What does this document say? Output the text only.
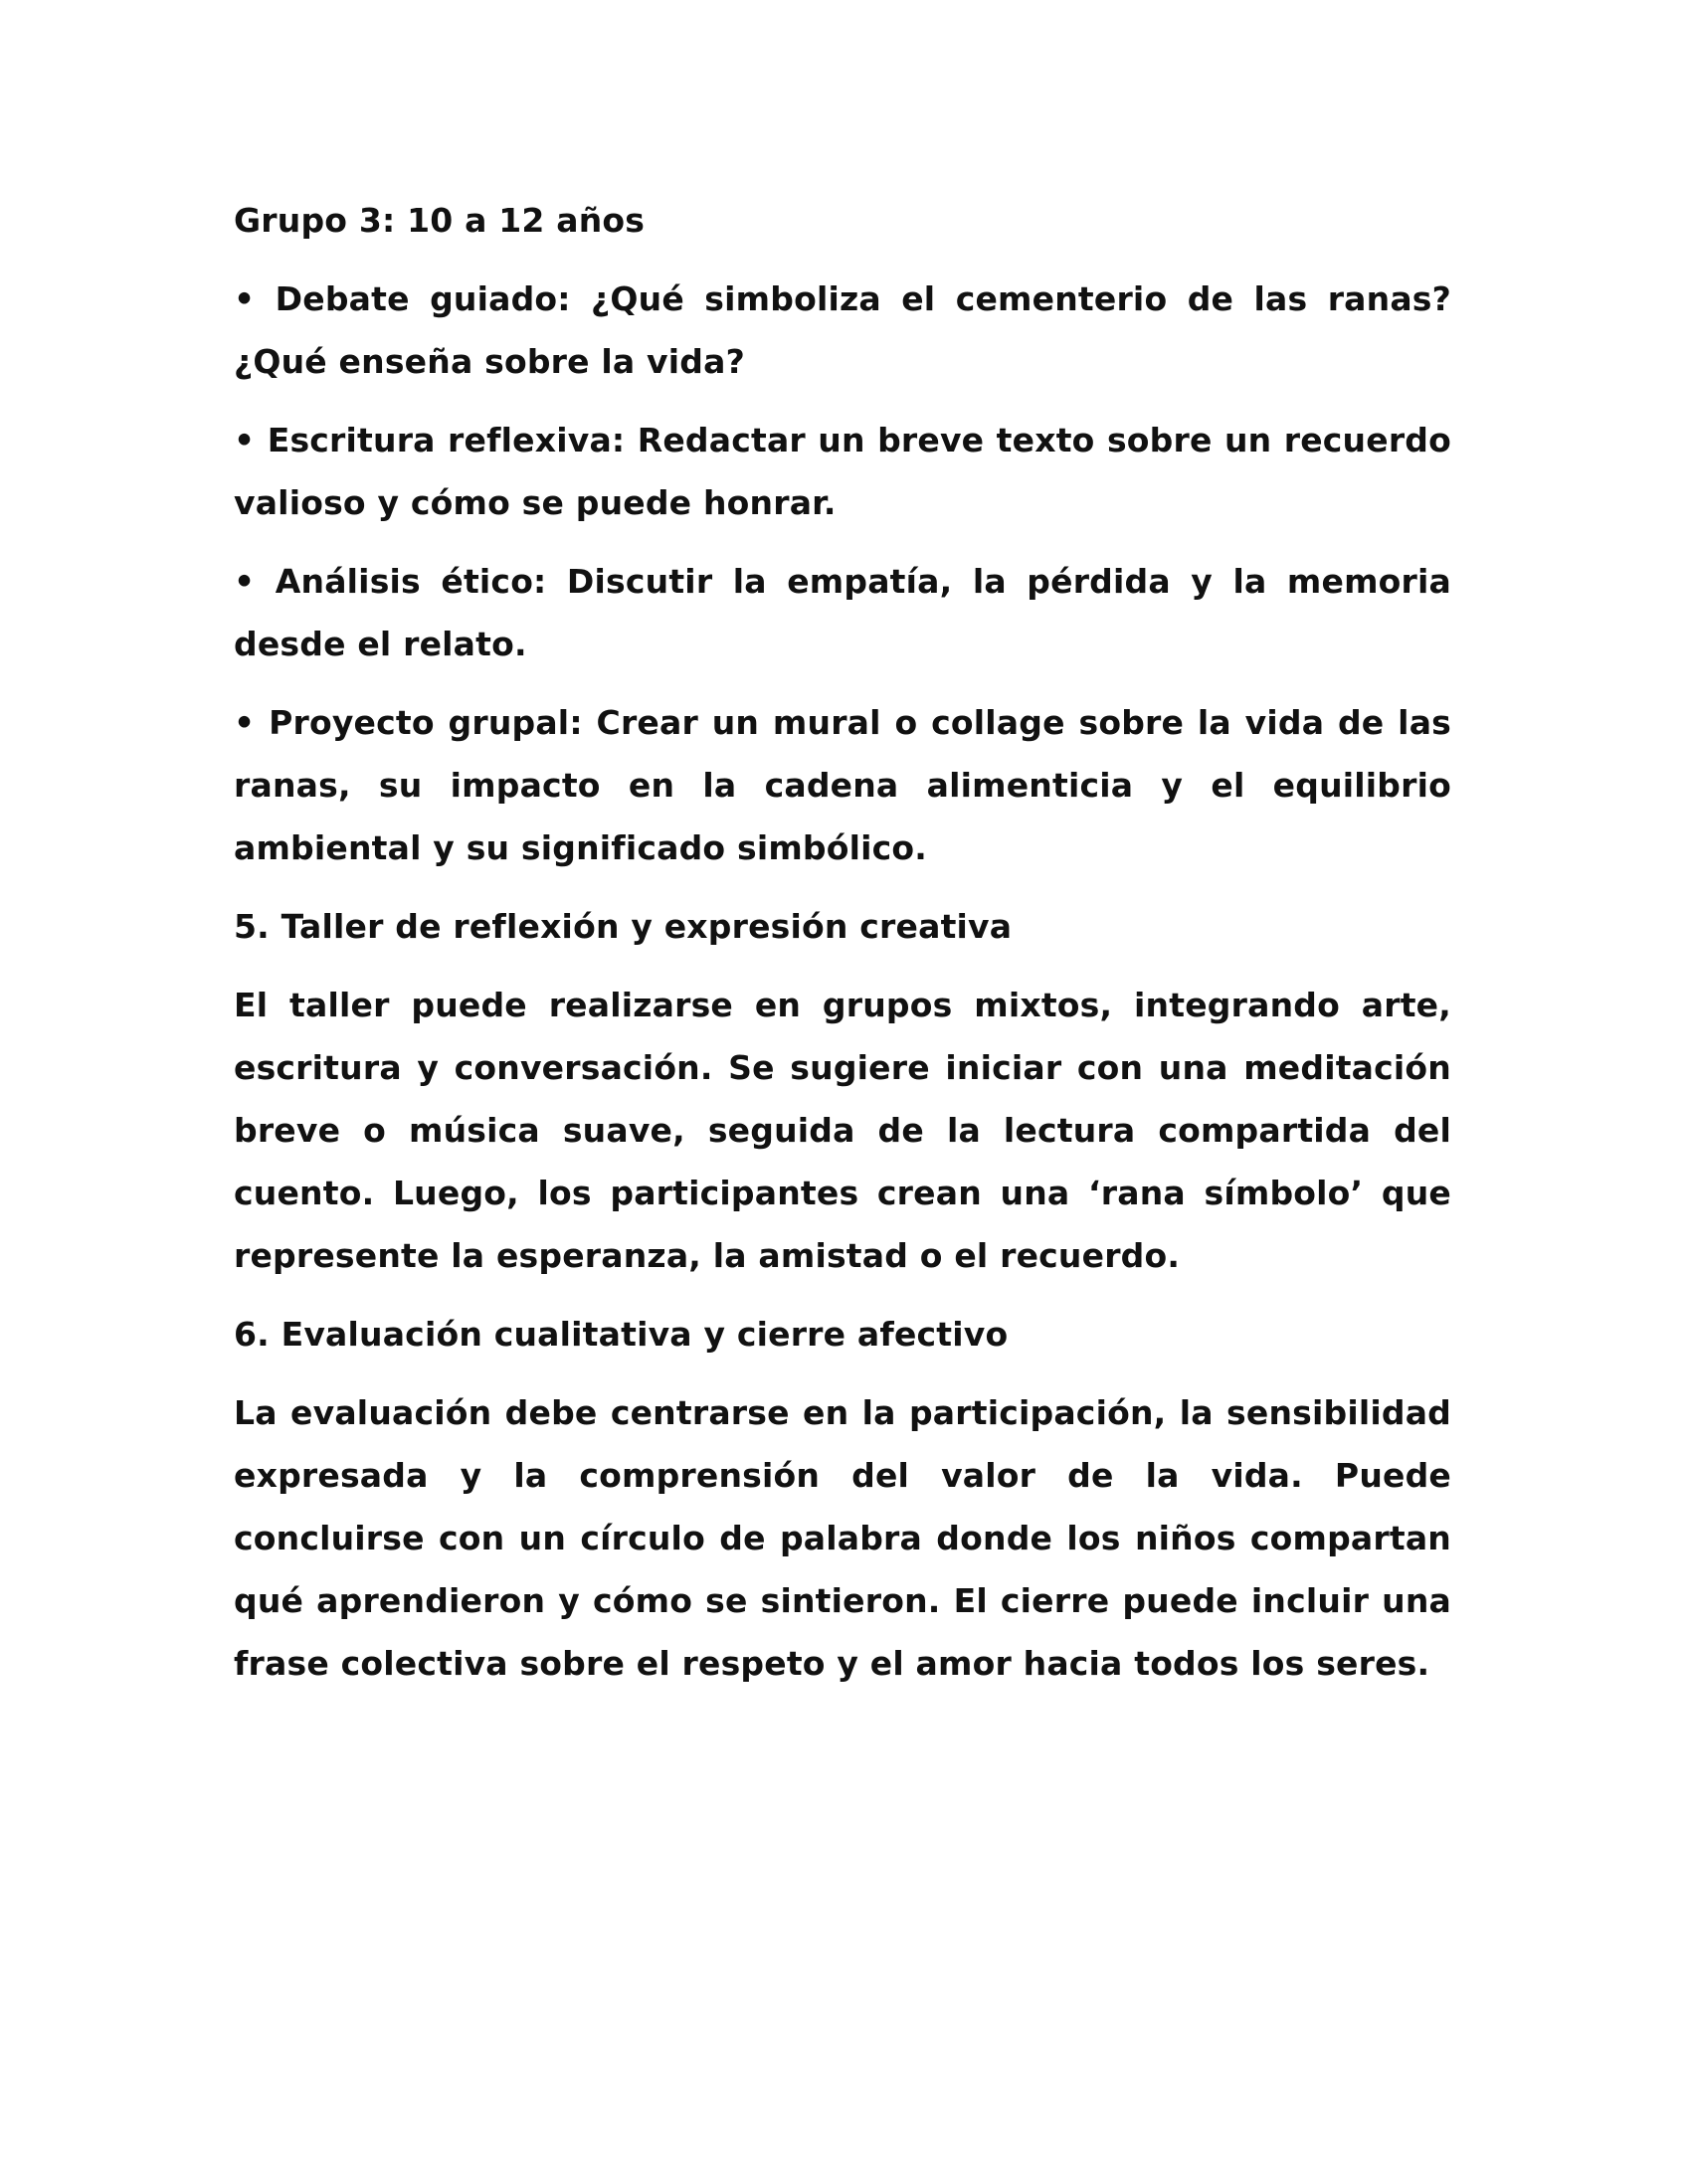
Grupo 3: 10 a 12 años
• Debate guiado: ¿Qué simboliza el cementerio de las ranas? ¿Qué enseña sobre la vida?
• Escritura reflexiva: Redactar un breve texto sobre un recuerdo valioso y cómo se puede honrar.
• Análisis ético: Discutir la empatía, la pérdida y la memoria desde el relato.
• Proyecto grupal: Crear un mural o collage sobre la vida de las ranas, su impacto en la cadena alimenticia y el equilibrio ambiental y su significado simbólico.
5. Taller de reflexión y expresión creativa
El taller puede realizarse en grupos mixtos, integrando arte, escritura y conversación. Se sugiere iniciar con una meditación breve o música suave, seguida de la lectura compartida del cuento. Luego, los participantes crean una ‘rana símbolo’ que represente la esperanza, la amistad o el recuerdo.
6. Evaluación cualitativa y cierre afectivo
La evaluación debe centrarse en la participación, la sensibilidad expresada y la comprensión del valor de la vida. Puede concluirse con un círculo de palabra donde los niños compartan qué aprendieron y cómo se sintieron. El cierre puede incluir una frase colectiva sobre el respeto y el amor hacia todos los seres.
